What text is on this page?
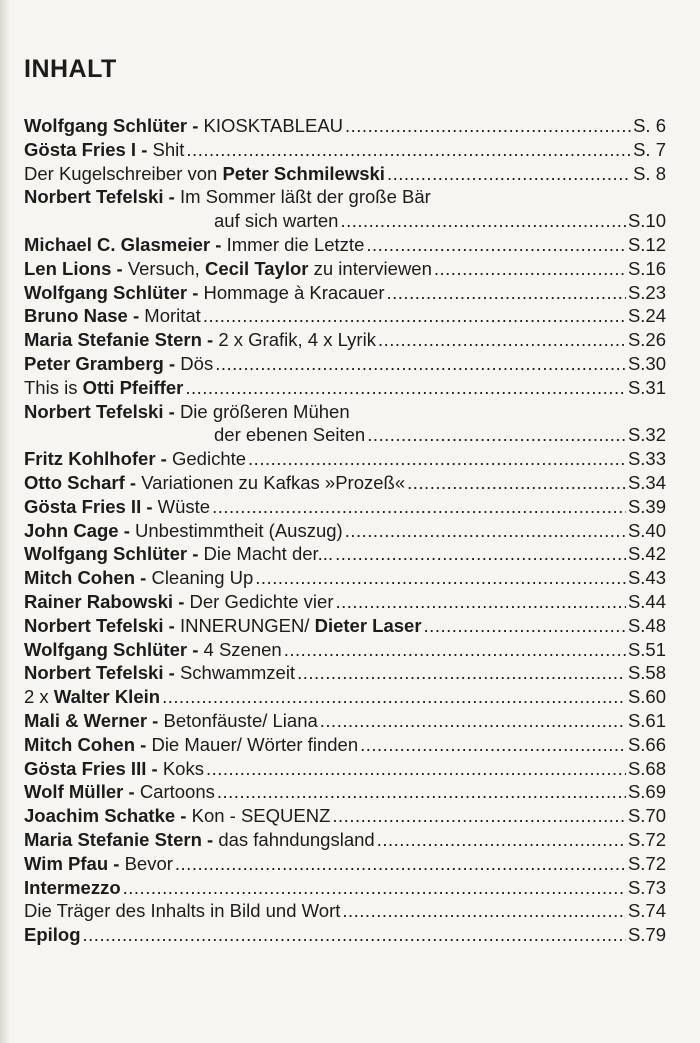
INHALT
Wolfgang Schlüter - KIOSKTABLEAU .....	S. 6
Gösta Fries I - Shit .....	S. 7
Der Kugelschreiber von Peter Schmilewski .....	S. 8
Norbert Tefelski - Im Sommer läßt der große Bär
auf sich warten .....	S.10
Michael C. Glasmeier - Immer die Letzte .....	S.12
Len Lions - Versuch, Cecil Taylor zu interviewen .....	S.16
Wolfgang Schlüter - Hommage à Kracauer .....	S.23
Bruno Nase - Moritat .....	S.24
Maria Stefanie Stern - 2 x Grafik, 4 x Lyrik .....	S.26
Peter Gramberg - Dös .....	S.30
This is Otti Pfeiffer .....	S.31
Norbert Tefelski - Die größeren Mühen
der ebenen Seiten .....	S.32
Fritz Kohlhofer - Gedichte .....	S.33
Otto Scharf - Variationen zu Kafkas »Prozeß« .....	S.34
Gösta Fries II - Wüste .....	S.39
John Cage - Unbestimmtheit (Auszug) .....	S.40
Wolfgang Schlüter - Die Macht der... .....	S.42
Mitch Cohen - Cleaning Up .....	S.43
Rainer Rabowski - Der Gedichte vier .....	S.44
Norbert Tefelski - INNERUNGEN/ Dieter Laser .....	S.48
Wolfgang Schlüter - 4 Szenen .....	S.51
Norbert Tefelski - Schwammzeit .....	S.58
2 x Walter Klein .....	S.60
Mali & Werner - Betonfäuste/ Liana .....	S.61
Mitch Cohen - Die Mauer/ Wörter finden .....	S.66
Gösta Fries III - Koks .....	S.68
Wolf Müller - Cartoons .....	S.69
Joachim Schatke - Kon - SEQUENZ .....	S.70
Maria Stefanie Stern - das fahndungsland .....	S.72
Wim Pfau - Bevor .....	S.72
Intermezzo .....	S.73
Die Träger des Inhalts in Bild und Wort .....	S.74
Epilog .....	S.79
